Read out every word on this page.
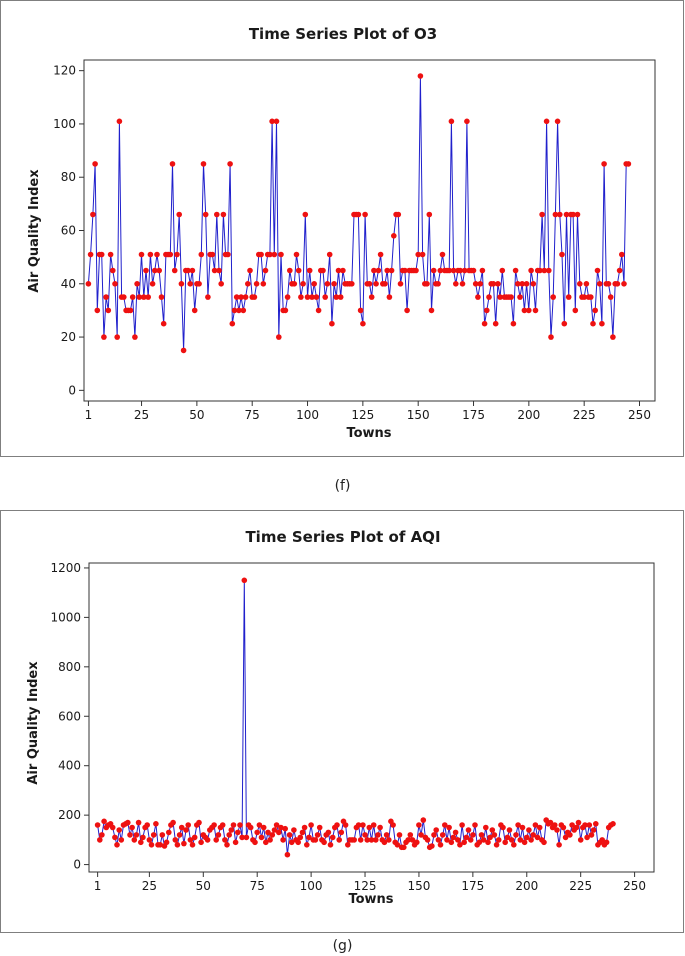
Time Series Plot of O3
Towns
Air Quality Index
1	25	50	75	100	125	150	175	200	225	250
0
20
40
60
80
100
120
(f)
Time Series Plot of AQI
Towns
Air Quality Index
1	25	50	75	100	125	150	175	200	225	250
0
200
400
600
800
1000
1200
(g)
